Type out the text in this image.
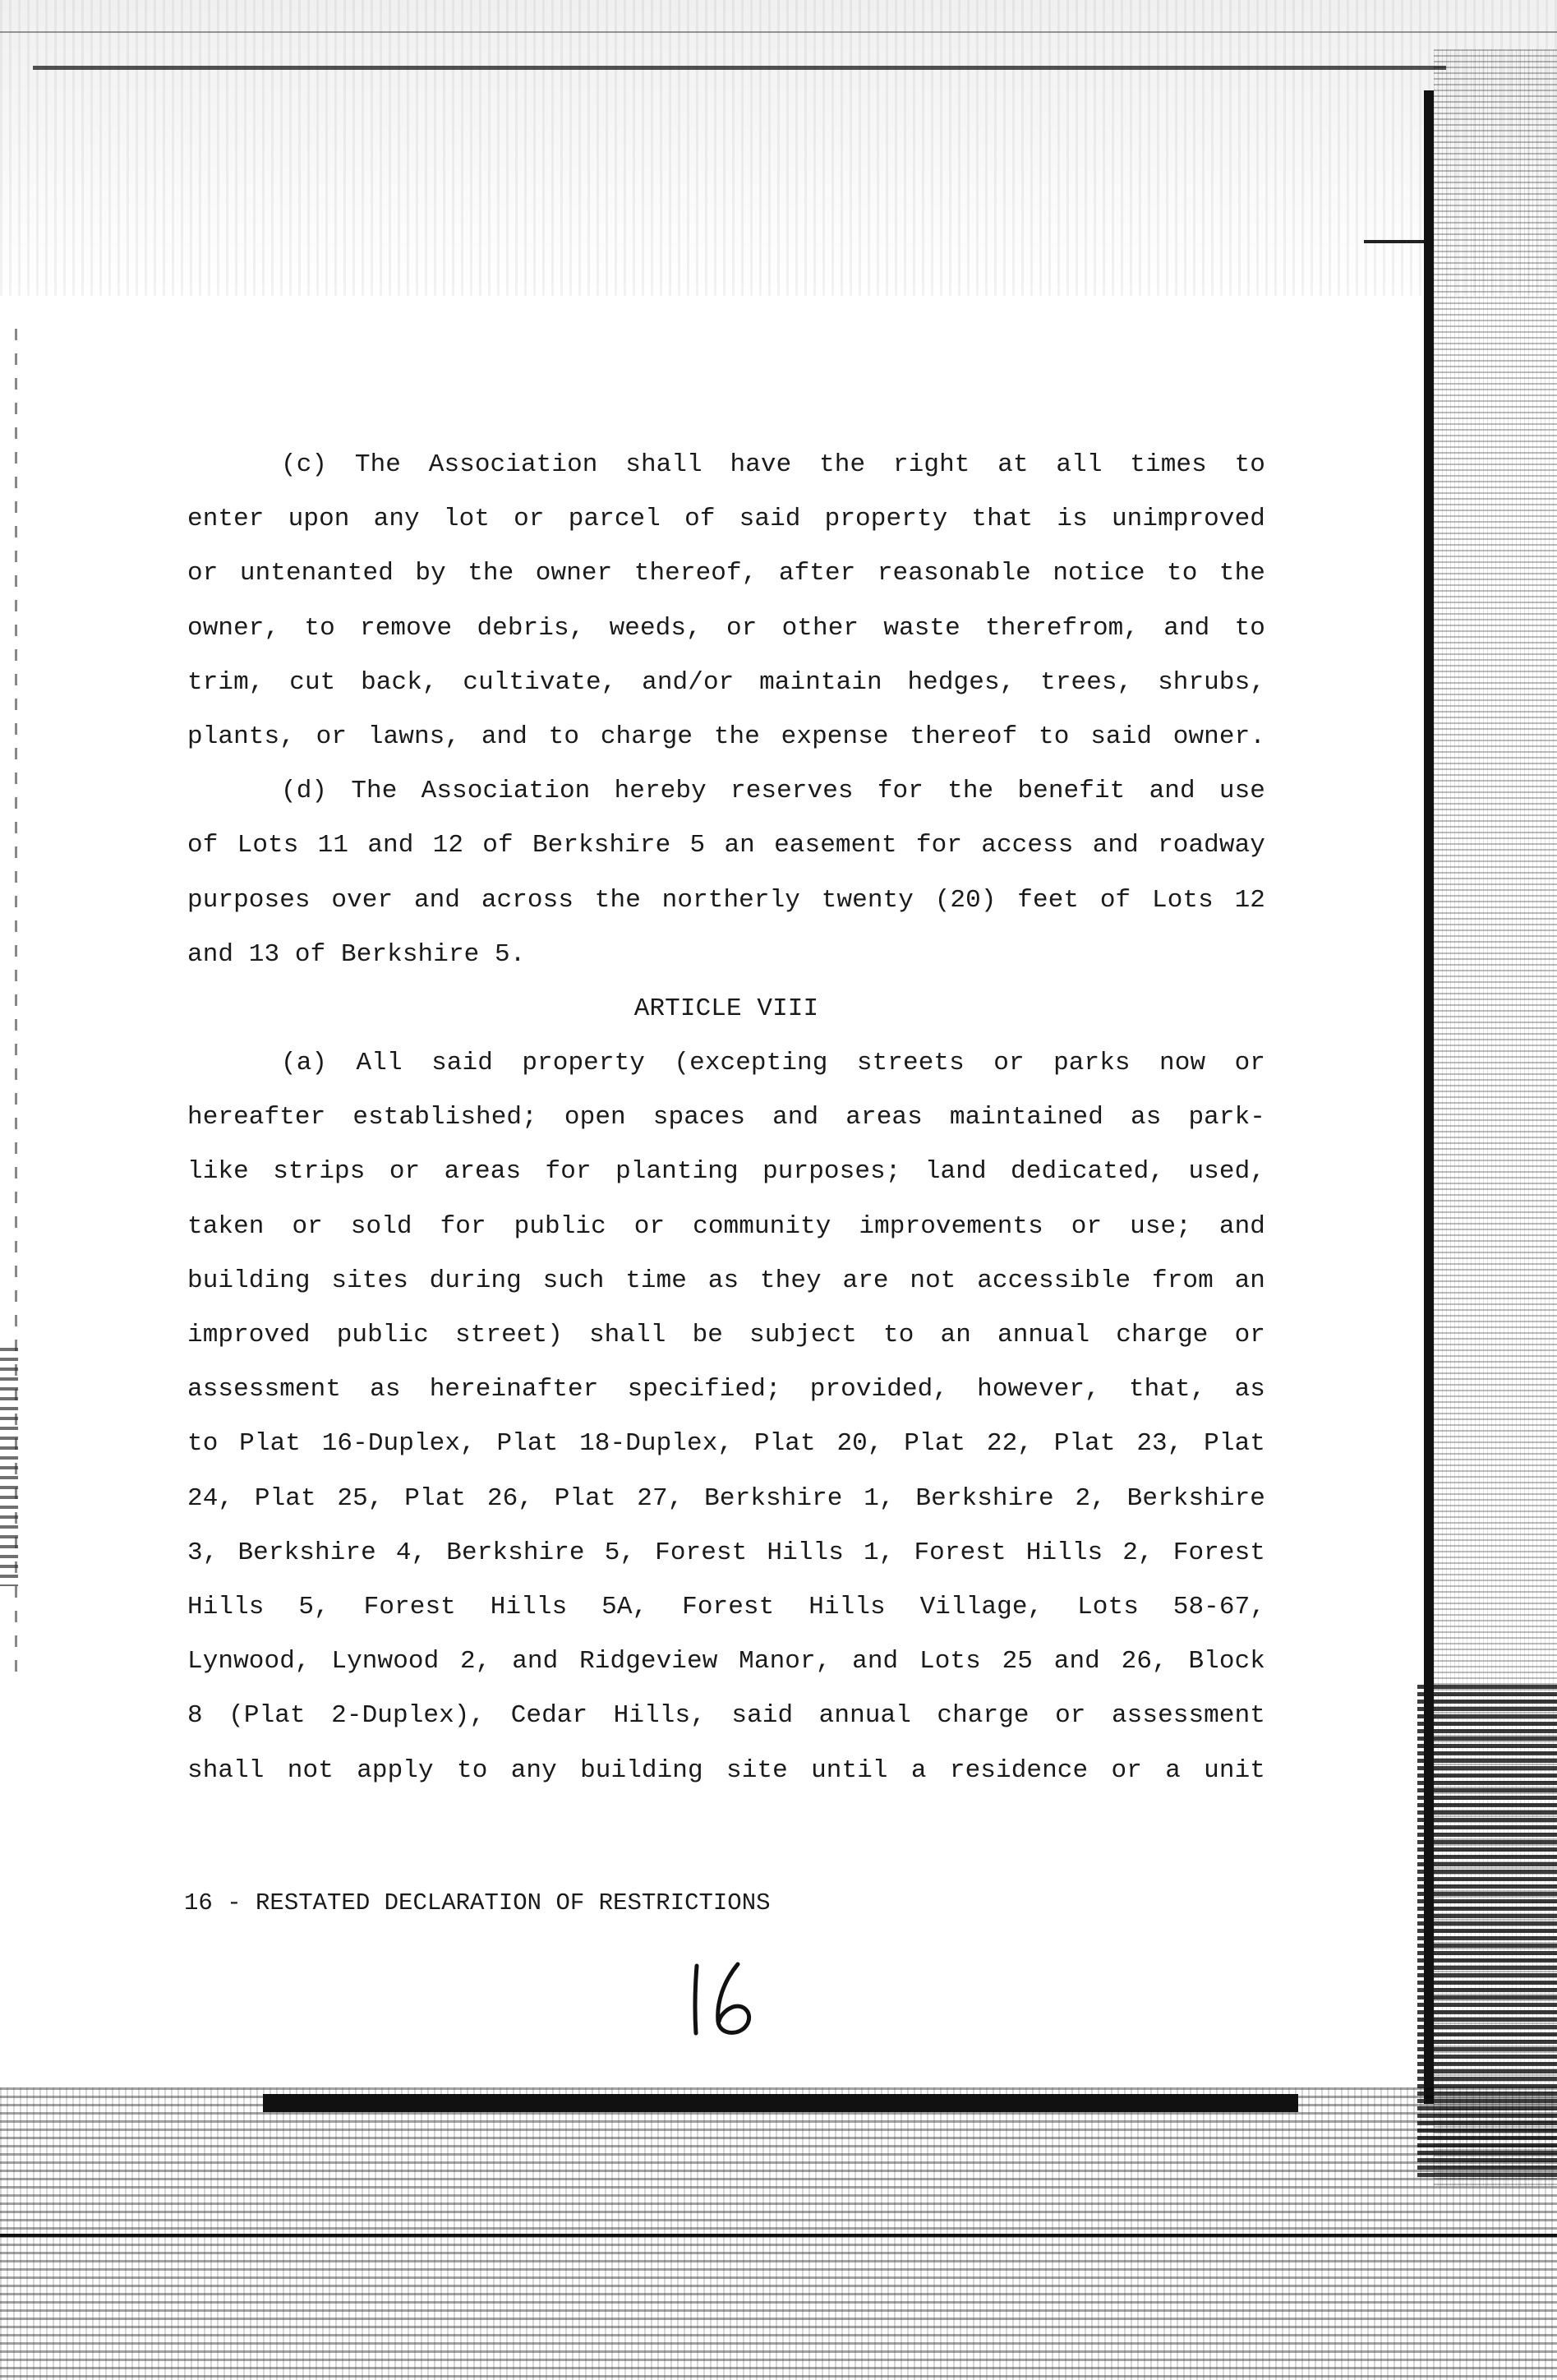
(c) The Association shall have the right at all times to
enter upon any lot or parcel of said property that is unimproved
or untenanted by the owner thereof, after reasonable notice to the
owner, to remove debris, weeds, or other waste therefrom, and to
trim, cut back, cultivate, and/or maintain hedges, trees, shrubs,
plants, or lawns, and to charge the expense thereof to said owner.
(d) The Association hereby reserves for the benefit and use
of Lots 11 and 12 of Berkshire 5 an easement for access and roadway
purposes over and across the northerly twenty (20) feet of Lots 12
and 13 of Berkshire 5.
ARTICLE VIII
(a) All said property (excepting streets or parks now or
hereafter established; open spaces and areas maintained as park-
like strips or areas for planting purposes; land dedicated, used,
taken or sold for public or community improvements or use; and
building sites during such time as they are not accessible from an
improved public street) shall be subject to an annual charge or
assessment as hereinafter specified; provided, however, that, as
to Plat 16-Duplex, Plat 18-Duplex, Plat 20, Plat 22, Plat 23, Plat
24, Plat 25, Plat 26, Plat 27, Berkshire 1, Berkshire 2, Berkshire
3, Berkshire 4, Berkshire 5, Forest Hills 1, Forest Hills 2, Forest
Hills 5, Forest Hills 5A, Forest Hills Village, Lots 58-67,
Lynwood, Lynwood 2, and Ridgeview Manor, and Lots 25 and 26, Block
8 (Plat 2-Duplex), Cedar Hills, said annual charge or assessment
shall not apply to any building site until a residence or a unit
16 - RESTATED DECLARATION OF RESTRICTIONS
